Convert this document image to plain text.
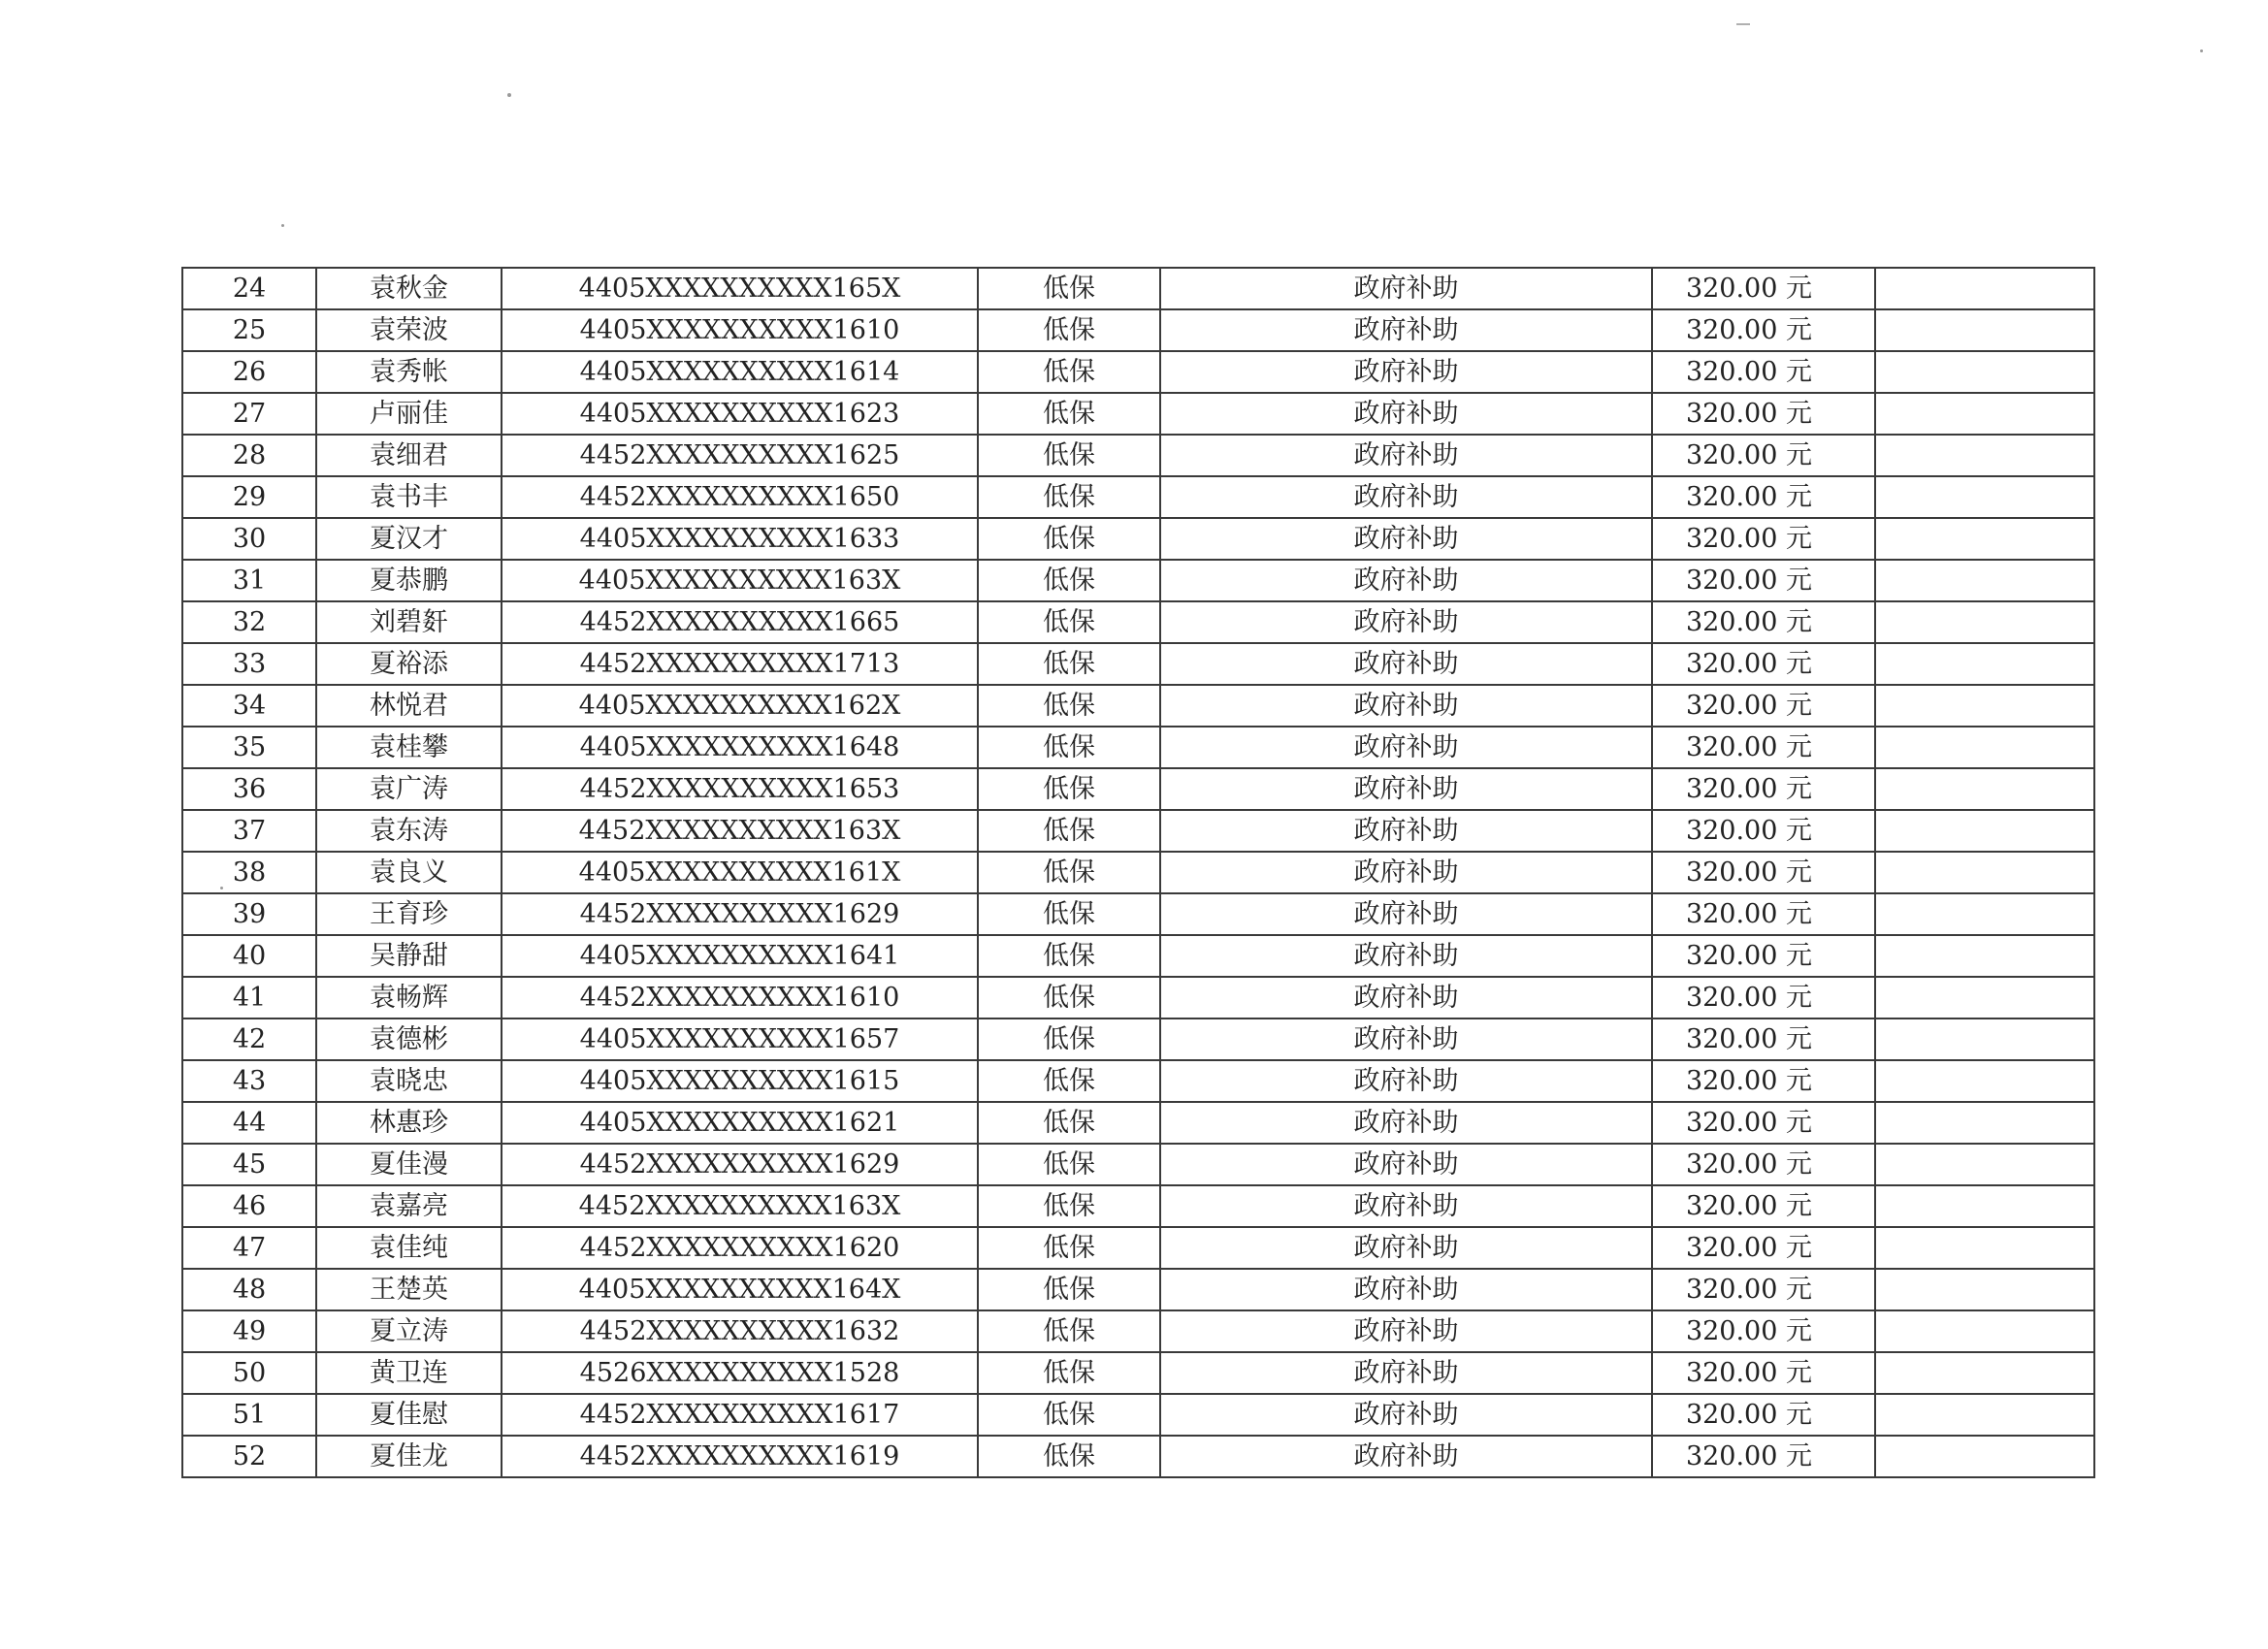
24	袁秋金	4405XXXXXXXXXX165X	低保	政府补助	320.00 元	
25	袁荣波	4405XXXXXXXXXX1610	低保	政府补助	320.00 元	
26	袁秀帐	4405XXXXXXXXXX1614	低保	政府补助	320.00 元	
27	卢丽佳	4405XXXXXXXXXX1623	低保	政府补助	320.00 元	
28	袁细君	4452XXXXXXXXXX1625	低保	政府补助	320.00 元	
29	袁书丰	4452XXXXXXXXXX1650	低保	政府补助	320.00 元	
30	夏汉才	4405XXXXXXXXXX1633	低保	政府补助	320.00 元	
31	夏恭鹏	4405XXXXXXXXXX163X	低保	政府补助	320.00 元	
32	刘碧姧	4452XXXXXXXXXX1665	低保	政府补助	320.00 元	
33	夏裕添	4452XXXXXXXXXX1713	低保	政府补助	320.00 元	
34	林悦君	4405XXXXXXXXXX162X	低保	政府补助	320.00 元	
35	袁桂攀	4405XXXXXXXXXX1648	低保	政府补助	320.00 元	
36	袁广涛	4452XXXXXXXXXX1653	低保	政府补助	320.00 元	
37	袁东涛	4452XXXXXXXXXX163X	低保	政府补助	320.00 元	
38	袁良义	4405XXXXXXXXXX161X	低保	政府补助	320.00 元	
39	王育珍	4452XXXXXXXXXX1629	低保	政府补助	320.00 元	
40	吴静甜	4405XXXXXXXXXX1641	低保	政府补助	320.00 元	
41	袁畅辉	4452XXXXXXXXXX1610	低保	政府补助	320.00 元	
42	袁德彬	4405XXXXXXXXXX1657	低保	政府补助	320.00 元	
43	袁晓忠	4405XXXXXXXXXX1615	低保	政府补助	320.00 元	
44	林惠珍	4405XXXXXXXXXX1621	低保	政府补助	320.00 元	
45	夏佳漫	4452XXXXXXXXXX1629	低保	政府补助	320.00 元	
46	袁嘉亮	4452XXXXXXXXXX163X	低保	政府补助	320.00 元	
47	袁佳纯	4452XXXXXXXXXX1620	低保	政府补助	320.00 元	
48	王楚英	4405XXXXXXXXXX164X	低保	政府补助	320.00 元	
49	夏立涛	4452XXXXXXXXXX1632	低保	政府补助	320.00 元	
50	黄卫连	4526XXXXXXXXXX1528	低保	政府补助	320.00 元	
51	夏佳慰	4452XXXXXXXXXX1617	低保	政府补助	320.00 元	
52	夏佳龙	4452XXXXXXXXXX1619	低保	政府补助	320.00 元	
